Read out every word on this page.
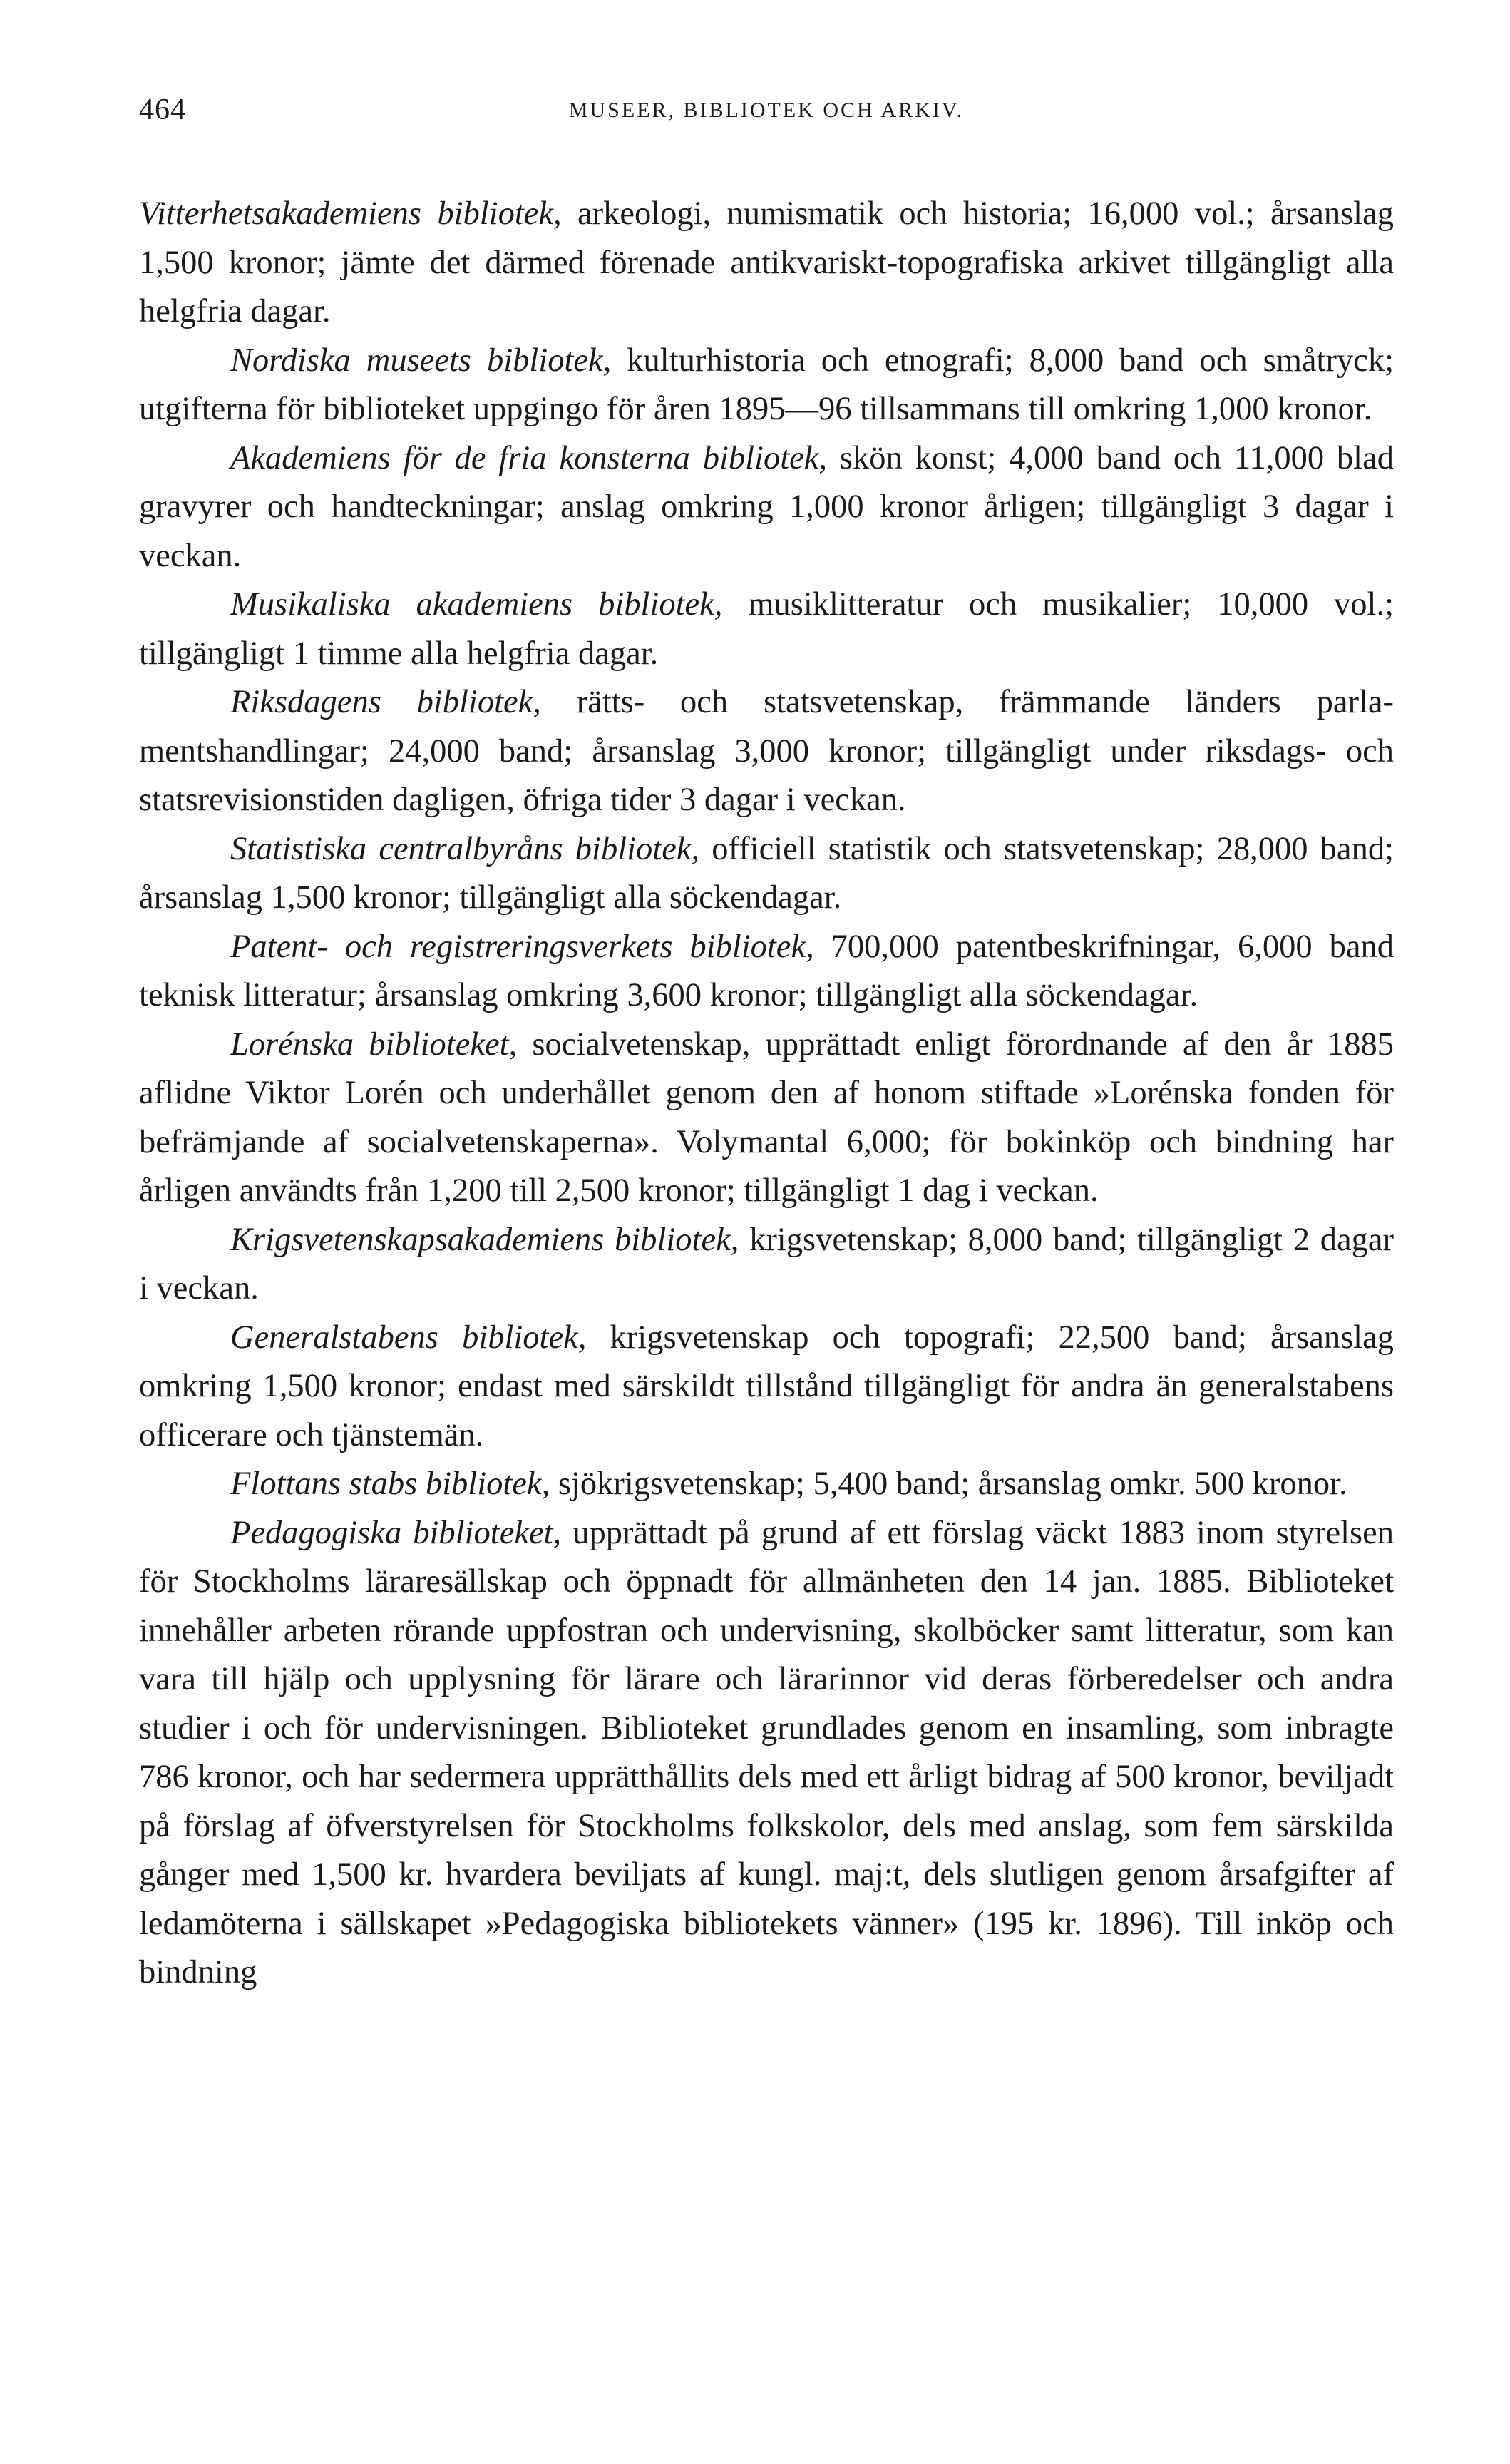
464	MUSEER, BIBLIOTEK OCH ARKIV.

Vitterhetsakademiens bibliotek, arkeologi, numismatik och historia; 16,000 vol.; årsanslag 1,500 kronor; jämte det därmed förenade antikvariskt-topografiska arkivet tillgängligt alla helgfria dagar.

Nordiska museets bibliotek, kulturhistoria och etnografi; 8,000 band och småtryck; utgifterna för biblioteket uppgingo för åren 1895—96 tillsammans till omkring 1,000 kronor.

Akademiens för de fria konsterna bibliotek, skön konst; 4,000 band och 11,000 blad gravyrer och handteckningar; anslag omkring 1,000 kronor årligen; tillgängligt 3 dagar i veckan.

Musikaliska akademiens bibliotek, musiklitteratur och musikalier; 10,000 vol.; tillgängligt 1 timme alla helgfria dagar.

Riksdagens bibliotek, rätts- och statsvetenskap, främmande länders parlamentshandlingar; 24,000 band; årsanslag 3,000 kronor; tillgängligt under riksdags- och statsrevisionstiden dagligen, öfriga tider 3 dagar i veckan.

Statistiska centralbyråns bibliotek, officiell statistik och statsvetenskap; 28,000 band; årsanslag 1,500 kronor; tillgängligt alla söckendagar.

Patent- och registreringsverkets bibliotek, 700,000 patentbeskrifningar, 6,000 band teknisk litteratur; årsanslag omkring 3,600 kronor; tillgängligt alla söckendagar.

Lorénska biblioteket, socialvetenskap, upprättadt enligt förordnande af den år 1885 aflidne Viktor Lorén och underhållet genom den af honom stiftade »Lorénska fonden för befrämjande af socialvetenskaperna». Volymantal 6,000; för bokinköp och bindning har årligen användts från 1,200 till 2,500 kronor; tillgängligt 1 dag i veckan.

Krigsvetenskapsakademiens bibliotek, krigsvetenskap; 8,000 band; tillgängligt 2 dagar i veckan.

Generalstabens bibliotek, krigsvetenskap och topografi; 22,500 band; årsanslag omkring 1,500 kronor; endast med särskildt tillstånd tillgängligt för andra än generalstabens officerare och tjänstemän.

Flottans stabs bibliotek, sjökrigsvetenskap; 5,400 band; årsanslag omkr. 500 kronor.

Pedagogiska biblioteket, upprättadt på grund af ett förslag väckt 1883 inom styrelsen för Stockholms läraresällskap och öppnadt för allmänheten den 14 jan. 1885. Biblioteket innehåller arbeten rörande uppfostran och undervisning, skolböcker samt litteratur, som kan vara till hjälp och upplysning för lärare och lärarinnor vid deras förberedelser och andra studier i och för undervisningen. Biblioteket grundlades genom en insamling, som inbragte 786 kronor, och har sedermera upprätthållits dels med ett årligt bidrag af 500 kronor, beviljadt på förslag af öfverstyrelsen för Stockholms folkskolor, dels med anslag, som fem särskilda gånger med 1,500 kr. hvardera beviljats af kungl. maj:t, dels slutligen genom årsafgifter af ledamöterna i sällskapet »Pedagogiska bibliotekets vänner» (195 kr. 1896). Till inköp och bindning
